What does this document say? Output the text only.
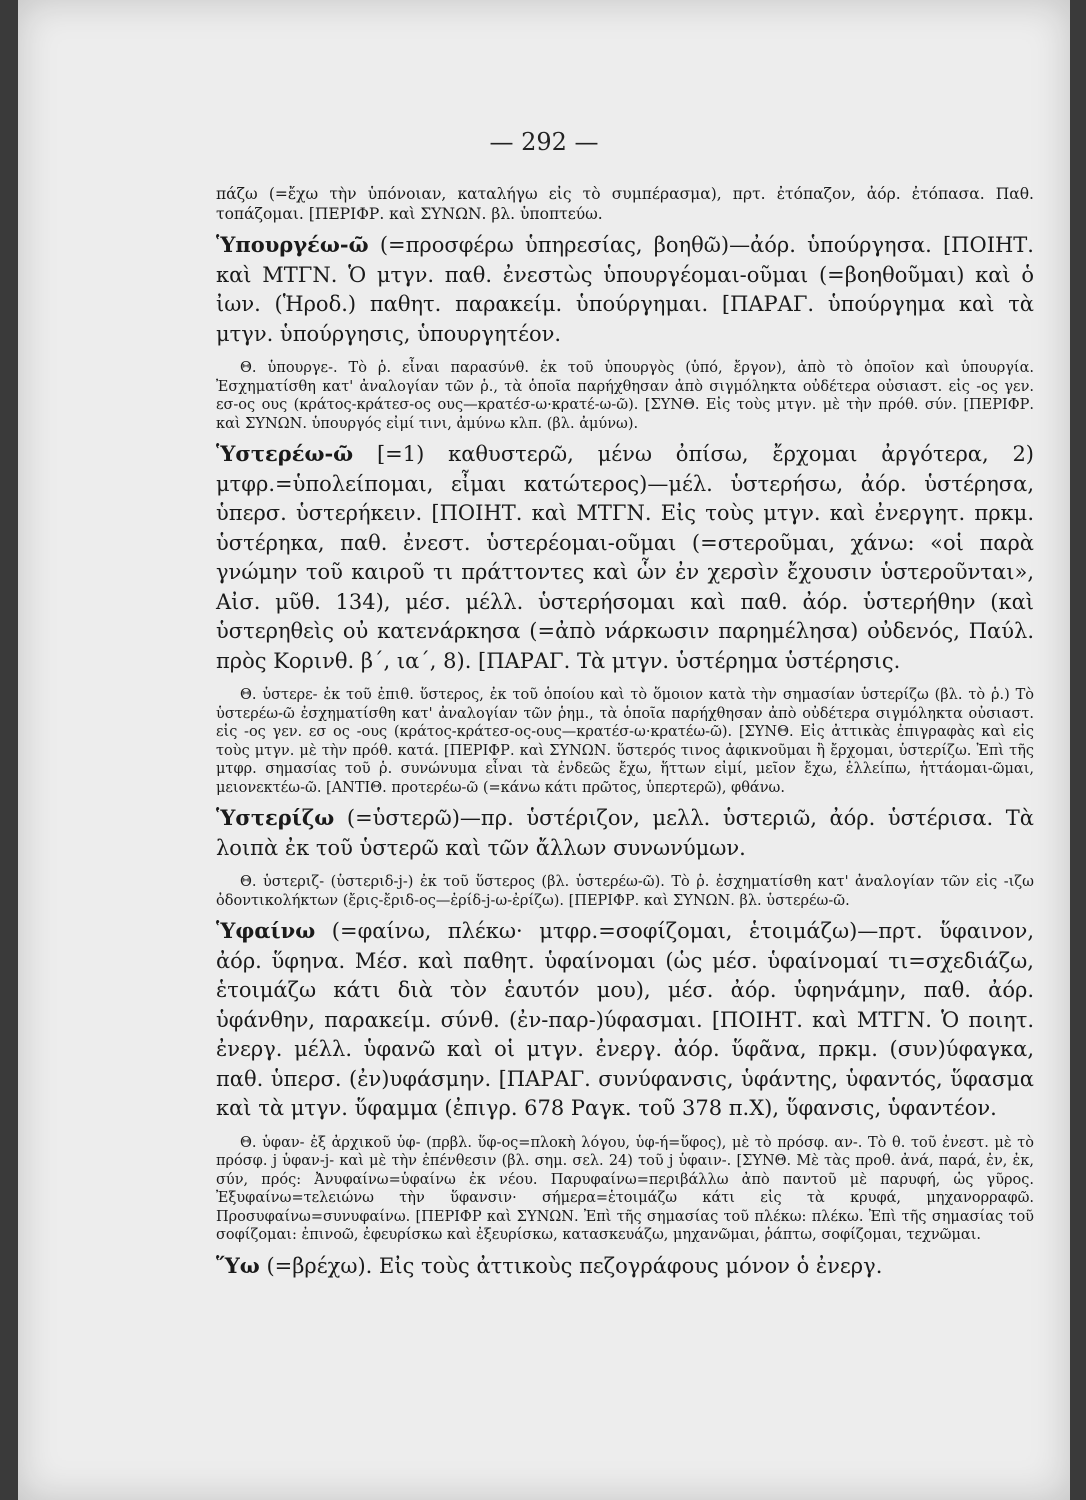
— 292 —

πάζω (=ἔχω τὴν ὑπόνοιαν, καταλήγω εἰς τὸ συμπέρασμα), πρτ. ἐτόπαζον, ἀόρ. ἐτόπασα. Παθ. τοπάζομαι. [ΠΕΡΙΦΡ. καὶ ΣΥΝΩΝ. βλ. ὑποπτεύω.

Ὑπουργέω-ῶ (=προσφέρω ὑπηρεσίας, βοηθῶ)—ἀόρ. ὑπούργησα. [ΠΟΙΗΤ. καὶ ΜΤΓΝ. Ὁ μτγν. παθ. ἐνεστὼς ὑπουργέομαι-οῦμαι (=βοηθοῦμαι) καὶ ὁ ἰων. (Ἡροδ.) παθητ. παρακείμ. ὑπούργημαι. [ΠΑΡΑΓ. ὑπούργημα καὶ τὰ μτγν. ὑπούργησις, ὑπουργητέον.

Θ. ὑπουργε-. Τὸ ῥ. εἶναι παρασύνθ. ἐκ τοῦ ὑπουργὸς (ὑπό, ἔργον), ἀπὸ τὸ ὁποῖον καὶ ὑπουργία. Ἐσχηματίσθη κατ' ἀναλογίαν τῶν ῥ., τὰ ὁποῖα παρήχθησαν ἀπὸ σιγμόληκτα οὐδέτερα οὐσιαστ. εἰς -ος γεν. εσ-ος ους (κράτος-κράτεσ-ος ους—κρατέσ-ω·κρατέ-ω-ῶ). [ΣΥΝΘ. Εἰς τοὺς μτγν. μὲ τὴν πρόθ. σύν. [ΠΕΡΙΦΡ. καὶ ΣΥΝΩΝ. ὑπουργός εἰμί τινι, ἀμύνω κλπ. (βλ. ἀμύνω).

Ὑστερέω-ῶ [=1) καθυστερῶ, μένω ὀπίσω, ἔρχομαι ἀργότερα, 2) μτφρ.=ὑπολείπομαι, εἶμαι κατώτερος)—μέλ. ὑστερήσω, ἀόρ. ὑστέρησα, ὑπερσ. ὑστερήκειν. [ΠΟΙΗΤ. καὶ ΜΤΓΝ. Εἰς τοὺς μτγν. καὶ ἐνεργητ. πρκμ. ὑστέρηκα, παθ. ἐνεστ. ὑστερέομαι-οῦμαι (=στεροῦμαι, χάνω: «οἱ παρὰ γνώμην τοῦ καιροῦ τι πράττοντες καὶ ὧν ἐν χερσὶν ἔχουσιν ὑστεροῦνται», Αἰσ. μῦθ. 134), μέσ. μέλλ. ὑστερήσομαι καὶ παθ. ἀόρ. ὑστερήθην (καὶ ὑστερηθεὶς οὐ κατενάρκησα (=ἀπὸ νάρκωσιν παρημέλησα) οὐδενός, Παύλ. πρὸς Κορινθ. β΄, ια΄, 8). [ΠΑΡΑΓ. Τὰ μτγν. ὑστέρημα ὑστέρησις.

Θ. ὑστερε- ἐκ τοῦ ἐπιθ. ὕστερος, ἐκ τοῦ ὁποίου καὶ τὸ ὅμοιον κατὰ τὴν σημασίαν ὑστερίζω (βλ. τὸ ῥ.) Τὸ ὑστερέω-ῶ ἐσχηματίσθη κατ' ἀναλογίαν τῶν ῥημ., τὰ ὁποῖα παρήχθησαν ἀπὸ οὐδέτερα σιγμόληκτα οὐσιαστ. εἰς -ος γεν. εσ ος -ους (κράτος-κράτεσ-ος-ους—κρατέσ-ω·κρατέω-ῶ). [ΣΥΝΘ. Εἰς ἀττικὰς ἐπιγραφὰς καὶ εἰς τοὺς μτγν. μὲ τὴν πρόθ. κατά. [ΠΕΡΙΦΡ. καὶ ΣΥΝΩΝ. ὕστερός τινος ἀφικνοῦμαι ἢ ἔρχομαι, ὑστερίζω. Ἐπὶ τῆς μτφρ. σημασίας τοῦ ῥ. συνώνυμα εἶναι τὰ ἐνδεῶς ἔχω, ἥττων εἰμί, μεῖον ἔχω, ἐλλείπω, ἡττάομαι-ῶμαι, μειονεκτέω-ῶ. [ΑΝΤΙΘ. προτερέω-ῶ (=κάνω κάτι πρῶτος, ὑπερτερῶ), φθάνω.

Ὑστερίζω (=ὑστερῶ)—πρ. ὑστέριζον, μελλ. ὑστεριῶ, ἀόρ. ὑστέρισα. Τὰ λοιπὰ ἐκ τοῦ ὑστερῶ καὶ τῶν ἄλλων συνωνύμων.

Θ. ὑστεριζ- (ὑστεριδ-j-) ἐκ τοῦ ὕστερος (βλ. ὑστερέω-ῶ). Τὸ ῥ. ἐσχηματίσθη κατ' ἀναλογίαν τῶν εἰς -ιζω ὀδοντικολήκτων (ἔρις-ἔριδ-ος—ἐρίδ-j-ω-ἐρίζω). [ΠΕΡΙΦΡ. καὶ ΣΥΝΩΝ. βλ. ὑστερέω-ῶ.

Ὑφαίνω (=φαίνω, πλέκω· μτφρ.=σοφίζομαι, ἑτοιμάζω)—πρτ. ὕφαινον, ἀόρ. ὕφηνα. Μέσ. καὶ παθητ. ὑφαίνομαι (ὡς μέσ. ὑφαίνομαί τι=σχεδιάζω, ἑτοιμάζω κάτι διὰ τὸν ἑαυτόν μου), μέσ. ἀόρ. ὑφηνάμην, παθ. ἀόρ. ὑφάνθην, παρακείμ. σύνθ. (ἐν-παρ-)ύφασμαι. [ΠΟΙΗΤ. καὶ ΜΤΓΝ. Ὁ ποιητ. ἐνεργ. μέλλ. ὑφανῶ καὶ οἱ μτγν. ἐνεργ. ἀόρ. ὕφᾶνα, πρκμ. (συν)ύφαγκα, παθ. ὑπερσ. (ἐν)υφάσμην. [ΠΑΡΑΓ. συνύφανσις, ὑφάντης, ὑφαντός, ὕφασμα καὶ τὰ μτγν. ὕφαμμα (ἐπιγρ. 678 Ραγκ. τοῦ 378 π.Χ), ὕφανσις, ὑφαντέον.

Θ. ὑφαν- ἐξ ἀρχικοῦ ὑφ- (πρβλ. ὕφ-ος=πλοκὴ λόγου, ὑφ-ή=ὕφος), μὲ τὸ πρόσφ. αν-. Τὸ θ. τοῦ ἐνεστ. μὲ τὸ πρόσφ. j ὑφαν-j- καὶ μὲ τὴν ἐπένθεσιν (βλ. σημ. σελ. 24) τοῦ j ὑφαιν-. [ΣΥΝΘ. Μὲ τὰς προθ. ἀνά, παρά, ἐν, ἐκ, σύν, πρός: Ἀνυφαίνω=ὑφαίνω ἐκ νέου. Παρυφαίνω=περιβάλλω ἀπὸ παντοῦ μὲ παρυφή, ὡς γῦρος. Ἐξυφαίνω=τελειώνω τὴν ὕφανσιν· σήμερα=ἑτοιμάζω κάτι εἰς τὰ κρυφά, μηχανορραφῶ. Προσυφαίνω=συνυφαίνω. [ΠΕΡΙΦΡ καὶ ΣΥΝΩΝ. Ἐπὶ τῆς σημασίας τοῦ πλέκω: πλέκω. Ἐπὶ τῆς σημασίας τοῦ σοφίζομαι: ἐπινοῶ, ἐφευρίσκω καὶ ἐξευρίσκω, κατασκευάζω, μηχανῶμαι, ῥάπτω, σοφίζομαι, τεχνῶμαι.

Ὕω (=βρέχω). Εἰς τοὺς ἀττικοὺς πεζογράφους μόνον ὁ ἐνεργ.
